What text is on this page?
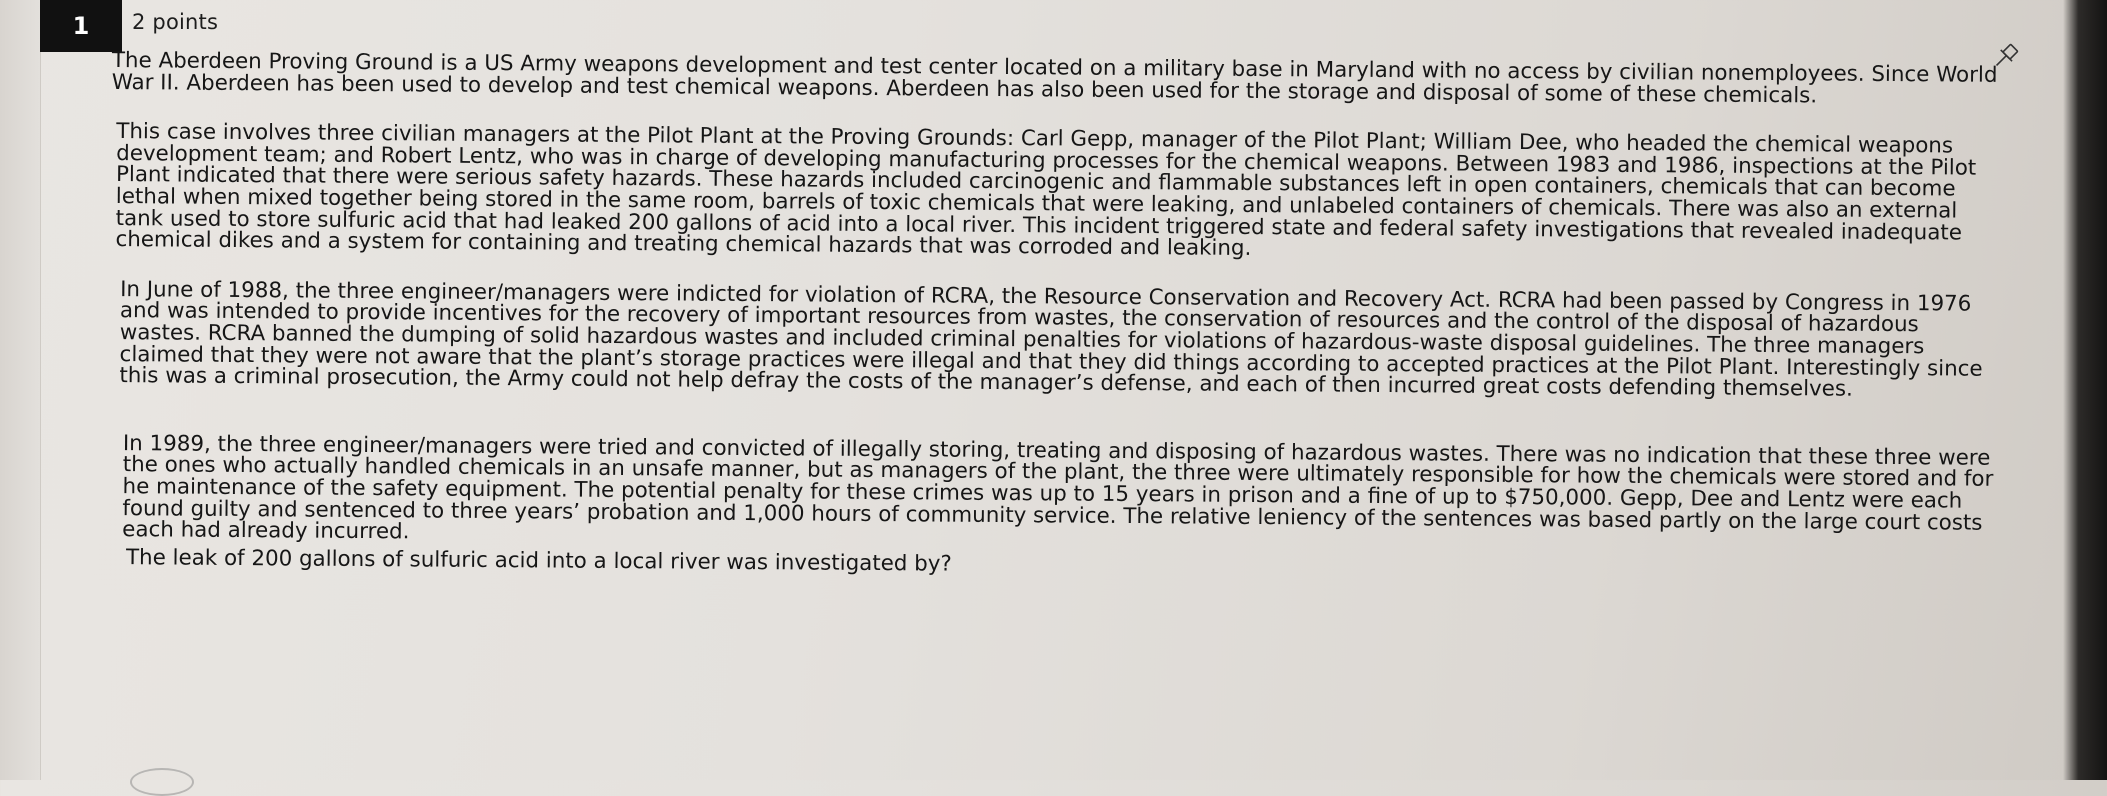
1	2 points

The Aberdeen Proving Ground is a US Army weapons development and test center located on a military base in Maryland with no access by civilian nonemployees. Since World War II. Aberdeen has been used to develop and test chemical weapons. Aberdeen has also been used for the storage and disposal of some of these chemicals.

This case involves three civilian managers at the Pilot Plant at the Proving Grounds: Carl Gepp, manager of the Pilot Plant; William Dee, who headed the chemical weapons development team; and Robert Lentz, who was in charge of developing manufacturing processes for the chemical weapons. Between 1983 and 1986, inspections at the Pilot Plant indicated that there were serious safety hazards. These hazards included carcinogenic and flammable substances left in open containers, chemicals that can become lethal when mixed together being stored in the same room, barrels of toxic chemicals that were leaking, and unlabeled containers of chemicals. There was also an external tank used to store sulfuric acid that had leaked 200 gallons of acid into a local river. This incident triggered state and federal safety investigations that revealed inadequate chemical dikes and a system for containing and treating chemical hazards that was corroded and leaking.

In June of 1988, the three engineer/managers were indicted for violation of RCRA, the Resource Conservation and Recovery Act. RCRA had been passed by Congress in 1976 and was intended to provide incentives for the recovery of important resources from wastes, the conservation of resources and the control of the disposal of hazardous wastes. RCRA banned the dumping of solid hazardous wastes and included criminal penalties for violations of hazardous-waste disposal guidelines. The three managers claimed that they were not aware that the plant’s storage practices were illegal and that they did things according to accepted practices at the Pilot Plant. Interestingly since this was a criminal prosecution, the Army could not help defray the costs of the manager’s defense, and each of then incurred great costs defending themselves.

In 1989, the three engineer/managers were tried and convicted of illegally storing, treating and disposing of hazardous wastes. There was no indication that these three were the ones who actually handled chemicals in an unsafe manner, but as managers of the plant, the three were ultimately responsible for how the chemicals were stored and for he maintenance of the safety equipment. The potential penalty for these crimes was up to 15 years in prison and a fine of up to $750,000. Gepp, Dee and Lentz were each found guilty and sentenced to three years’ probation and 1,000 hours of community service. The relative leniency of the sentences was based partly on the large court costs each had already incurred.

The leak of 200 gallons of sulfuric acid into a local river was investigated by?
